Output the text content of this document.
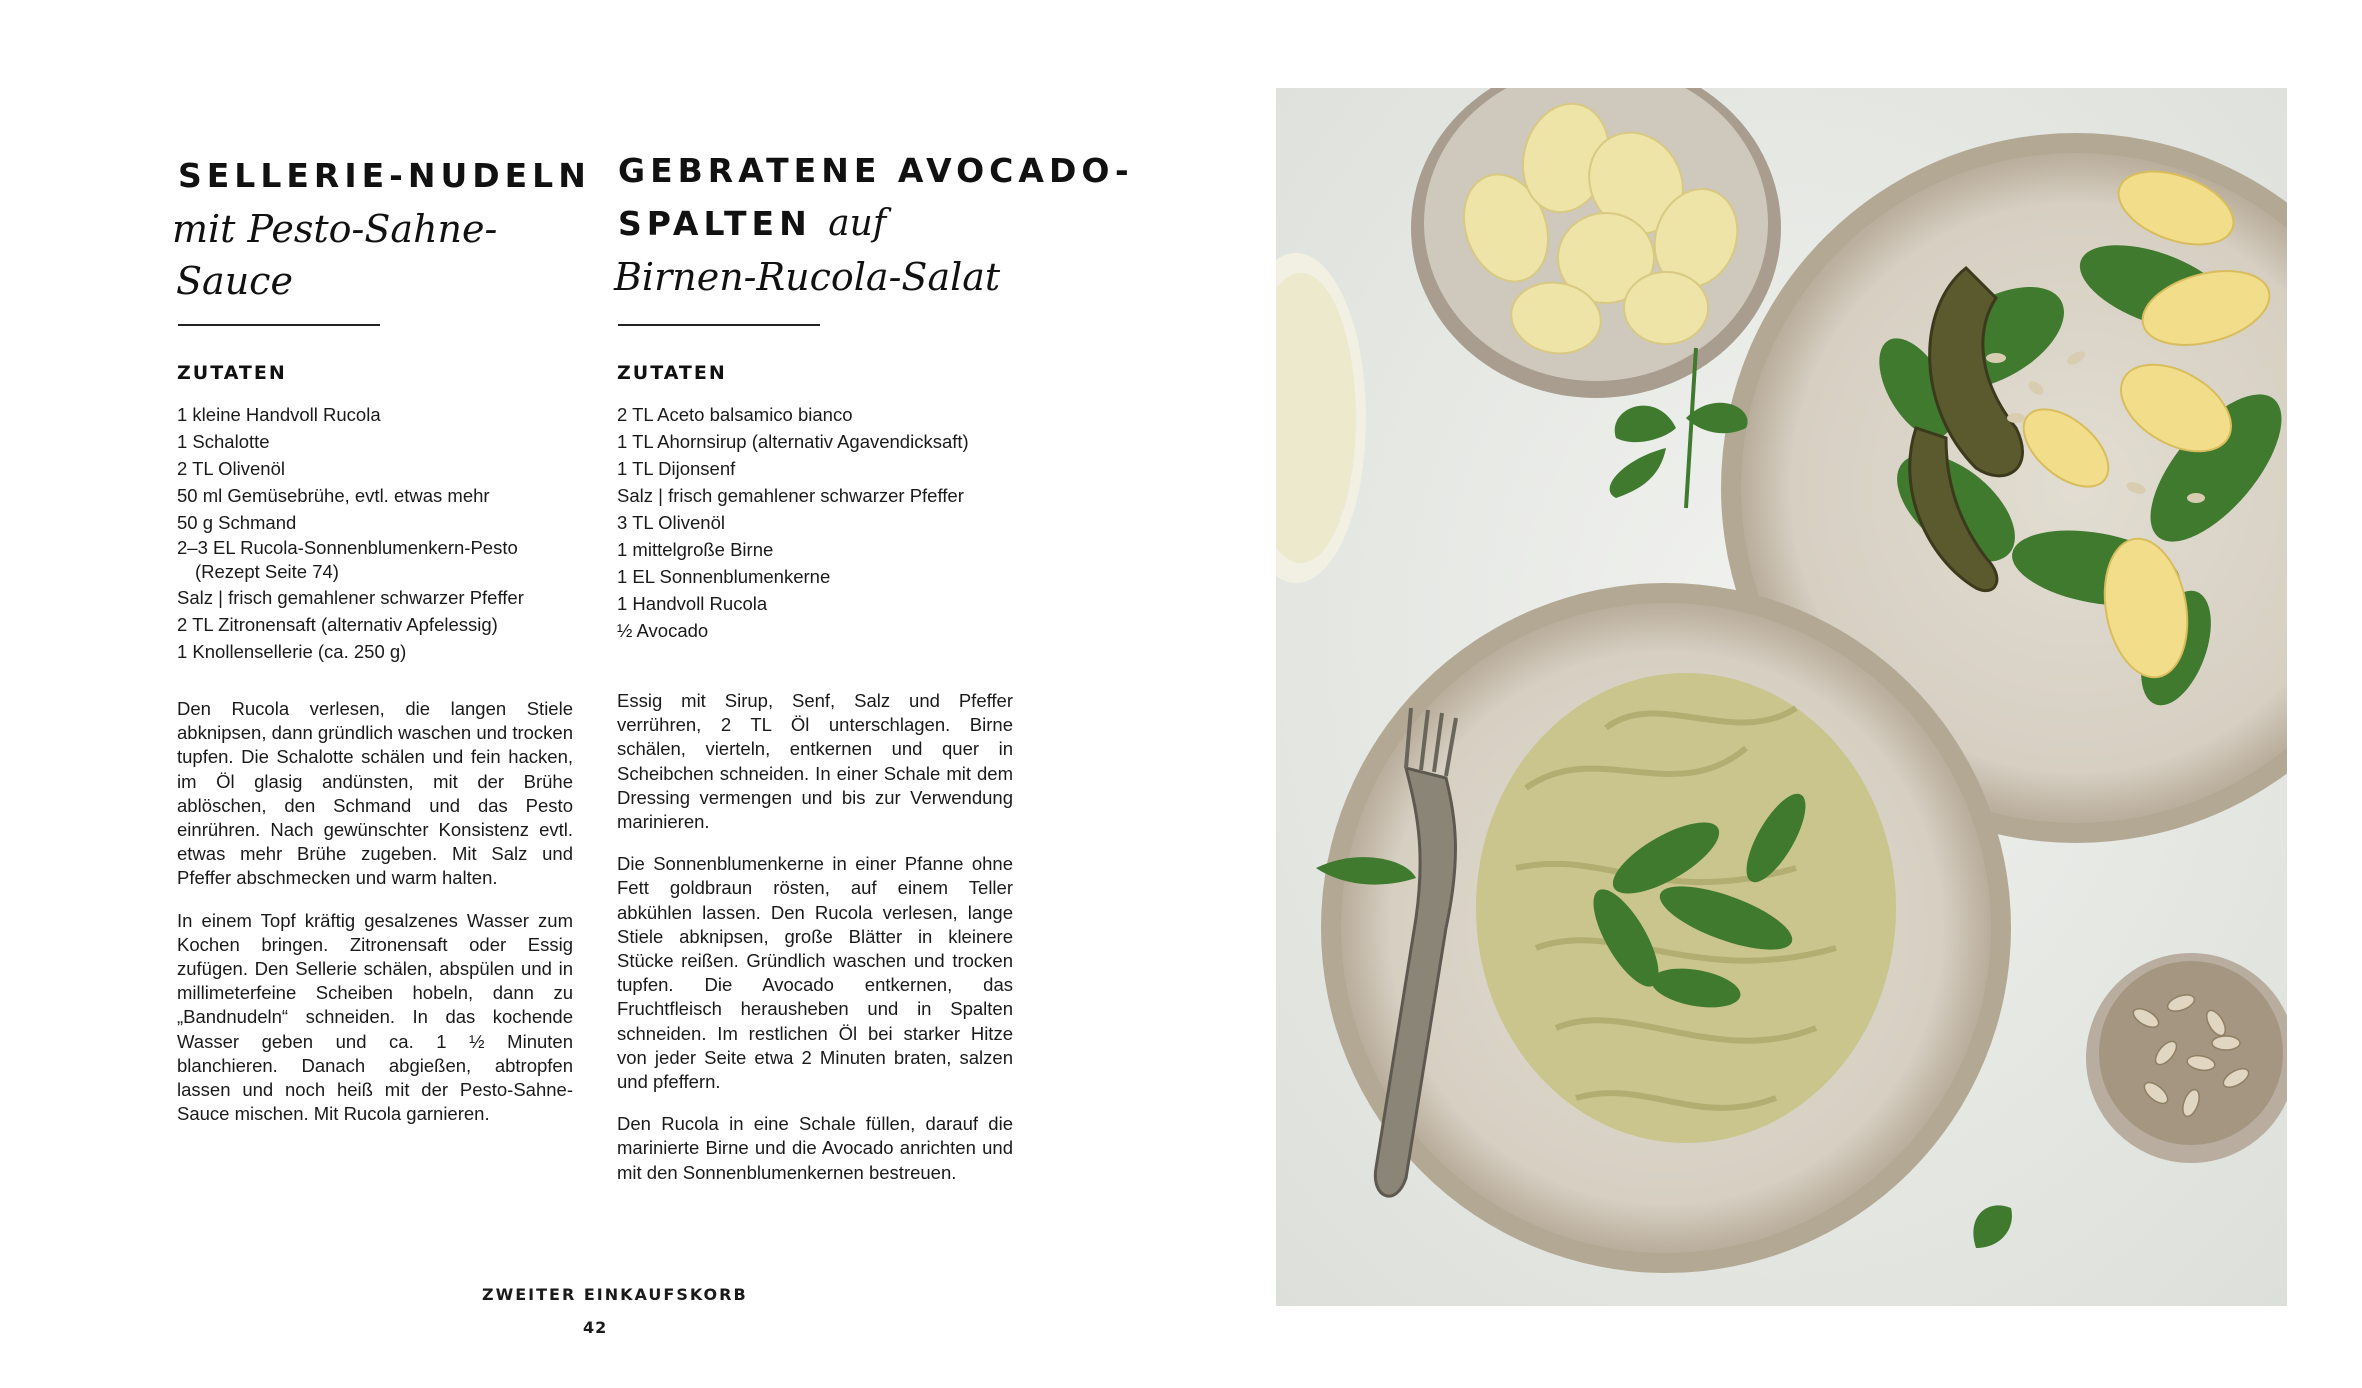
SELLERIE-NUDELN
mit Pesto-Sahne-
Sauce
ZUTATEN
1 kleine Handvoll Rucola
1 Schalotte
2 TL Olivenöl
50 ml Gemüsebrühe, evtl. etwas mehr
50 g Schmand
2–3 EL Rucola-Sonnenblumenkern-Pesto
(Rezept Seite 74)
Salz | frisch gemahlener schwarzer Pfeffer
2 TL Zitronensaft (alternativ Apfelessig)
1 Knollensellerie (ca. 250 g)

Den Rucola verlesen, die langen Stiele abknipsen, dann gründlich waschen und trocken tupfen. Die Schalotte schälen und fein hacken, im Öl glasig andünsten, mit der Brühe ablöschen, den Schmand und das Pesto einrühren. Nach gewünschter Konsistenz evtl. etwas mehr Brühe zugeben. Mit Salz und Pfeffer abschmecken und warm halten.

In einem Topf kräftig gesalzenes Wasser zum Kochen bringen. Zitronensaft oder Essig zufügen. Den Sellerie schälen, abspülen und in millimeterfeine Scheiben hobeln, dann zu „Bandnudeln“ schneiden. In das kochende Wasser geben und ca. 1 ½ Minuten blanchieren. Danach abgießen, abtropfen lassen und noch heiß mit der Pesto-Sahne-Sauce mischen. Mit Rucola garnieren.

GEBRATENE AVOCADO-
SPALTEN auf
Birnen-Rucola-Salat
ZUTATEN
2 TL Aceto balsamico bianco
1 TL Ahornsirup (alternativ Agavendicksaft)
1 TL Dijonsenf
Salz | frisch gemahlener schwarzer Pfeffer
3 TL Olivenöl
1 mittelgroße Birne
1 EL Sonnenblumenkerne
1 Handvoll Rucola
½ Avocado

Essig mit Sirup, Senf, Salz und Pfeffer verrühren, 2 TL Öl unterschlagen. Birne schälen, vierteln, entkernen und quer in Scheibchen schneiden. In einer Schale mit dem Dressing vermengen und bis zur Verwendung marinieren.

Die Sonnenblumenkerne in einer Pfanne ohne Fett goldbraun rösten, auf einem Teller abkühlen lassen. Den Rucola verlesen, lange Stiele abknipsen, große Blätter in kleinere Stücke reißen. Gründlich waschen und trocken tupfen. Die Avocado entkernen, das Fruchtfleisch herausheben und in Spalten schneiden. Im restlichen Öl bei starker Hitze von jeder Seite etwa 2 Minuten braten, salzen und pfeffern.

Den Rucola in eine Schale füllen, darauf die marinierte Birne und die Avocado anrichten und mit den Sonnenblumenkernen bestreuen.

ZWEITER EINKAUFSKORB
42
